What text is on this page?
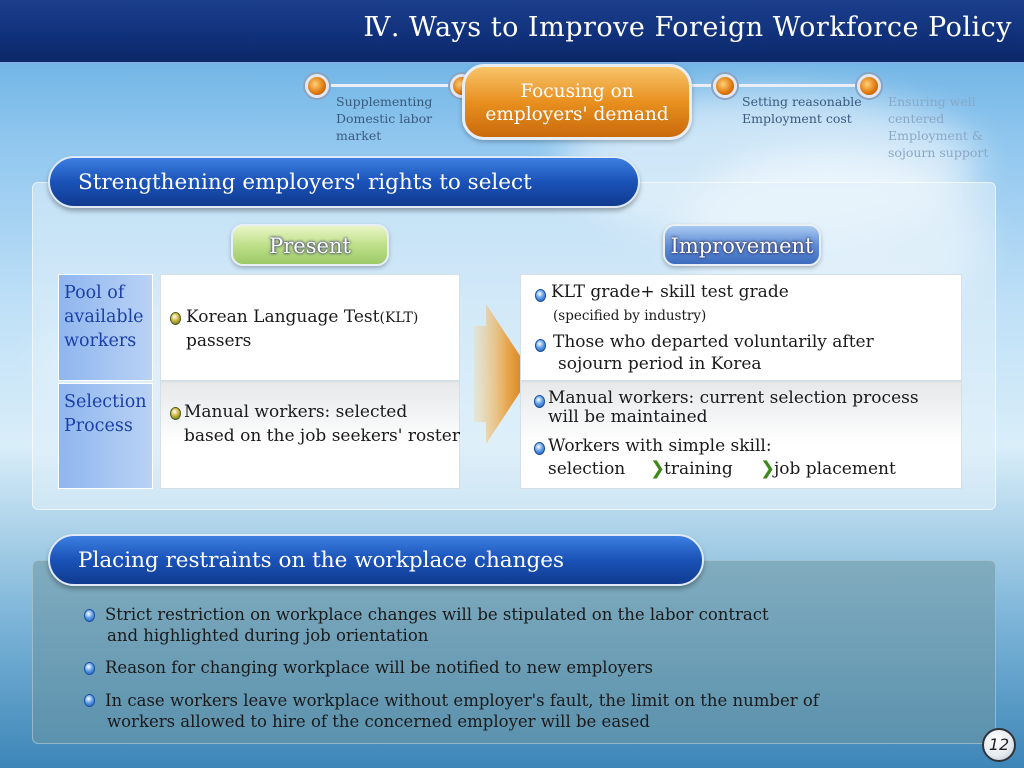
Ⅳ. Ways to Improve Foreign Workforce Policy
Supplementing
Domestic labor
market
Focusing on
employers' demand
Setting reasonable
Employment cost
Ensuring well
centered
Employment &
sojourn support
Strengthening employers' rights to select
Present	Improvement
Pool of
available
workers
Selection
Process
Korean Language Test(KLT)
passers
Manual workers: selected
based on the job seekers' roster
KLT grade+ skill test grade
(specified by industry)
Those who departed voluntarily after
sojourn period in Korea
Manual workers: current selection process
will be maintained
Workers with simple skill:
selection ❯
training ❯
job placement
Placing restraints on the workplace changes
Strict restriction on workplace changes will be stipulated on the labor contract
and highlighted during job orientation
Reason for changing workplace will be notified to new employers
In case workers leave workplace without employer's fault, the limit on the number of
workers allowed to hire of the concerned employer will be eased
12
